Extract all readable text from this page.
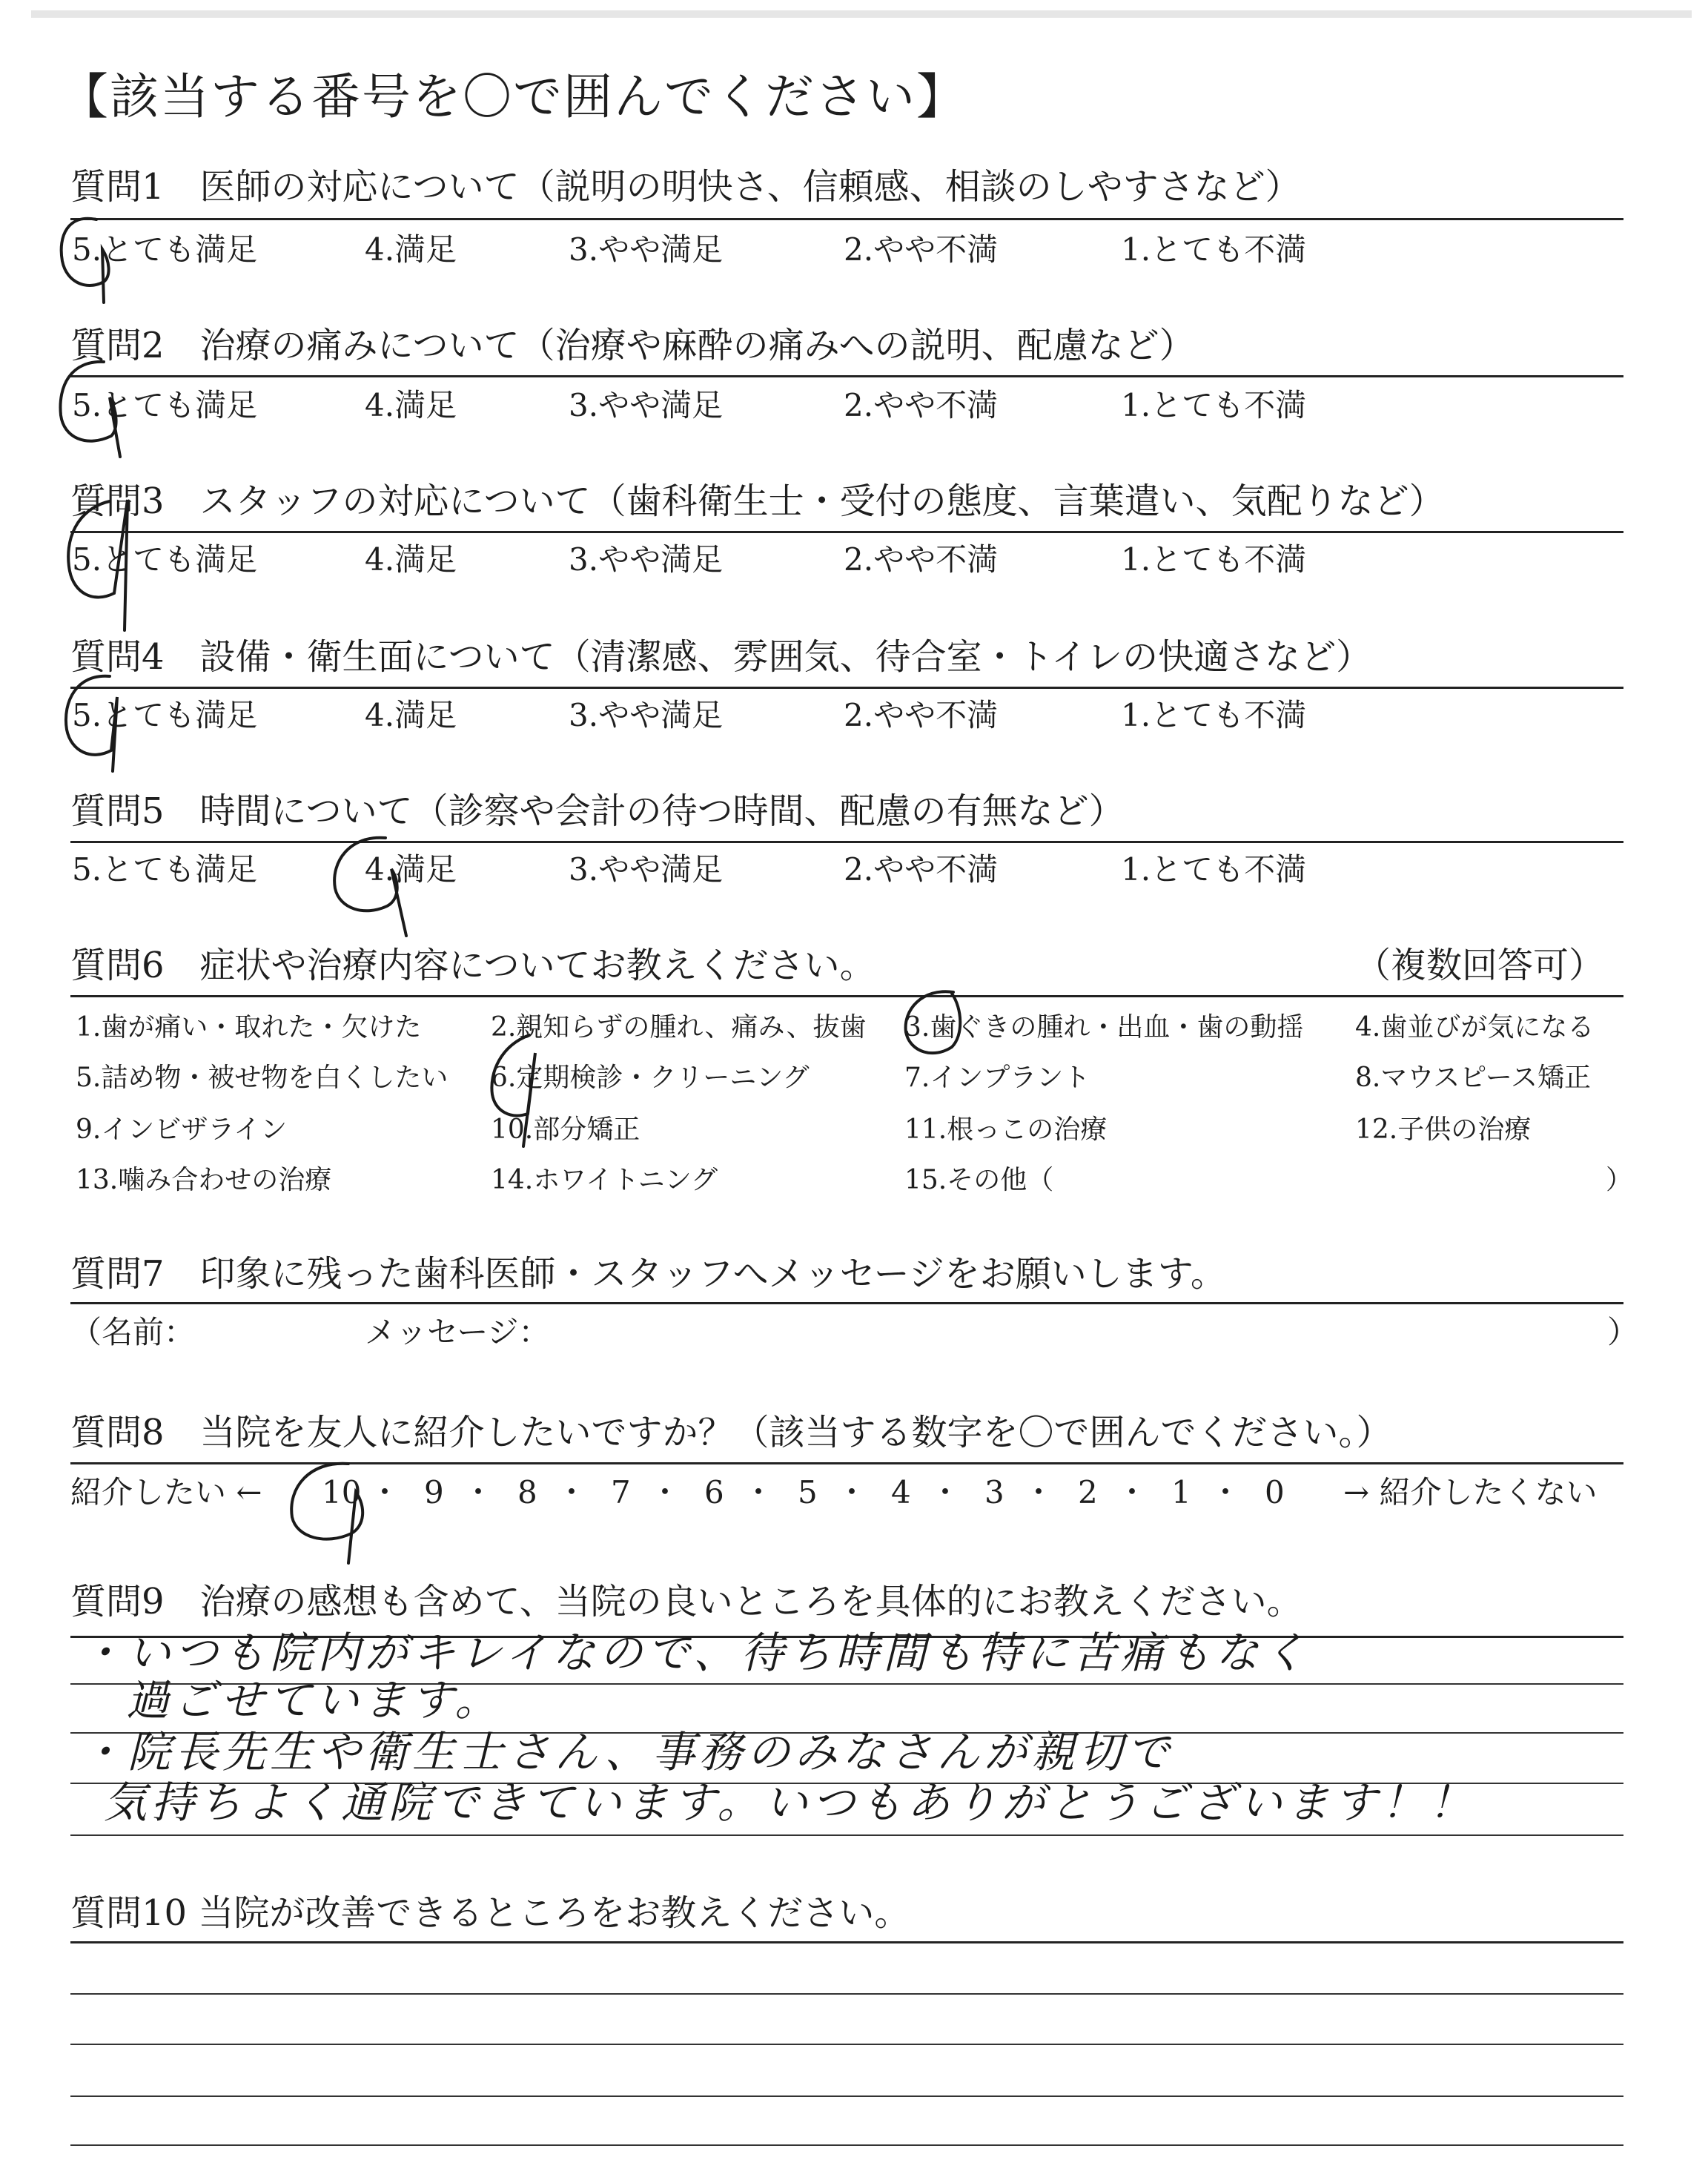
【該当する番号を〇で囲んでください】
質問1　医師の対応について（説明の明快さ、信頼感、相談のしやすさなど）
5.とても満足	4.満足	3.やや満足	2.やや不満	1.とても不満
質問2　治療の痛みについて（治療や麻酔の痛みへの説明、配慮など）
5.とても満足	4.満足	3.やや満足	2.やや不満	1.とても不満
質問3　スタッフの対応について（歯科衛生士・受付の態度、言葉遣い、気配りなど）
5.とても満足	4.満足	3.やや満足	2.やや不満	1.とても不満
質問4　設備・衛生面について（清潔感、雰囲気、待合室・トイレの快適さなど）
5.とても満足	4.満足	3.やや満足	2.やや不満	1.とても不満
質問5　時間について（診察や会計の待つ時間、配慮の有無など）
5.とても満足	4.満足	3.やや満足	2.やや不満	1.とても不満
質問6　症状や治療内容についてお教えください。	（複数回答可）
1.歯が痛い・取れた・欠けた	2.親知らずの腫れ、痛み、抜歯 3.歯ぐきの腫れ・出血・歯の動揺 4.歯並びが気になる
5.詰め物・被せ物を白くしたい 6.定期検診・クリーニング	7.インプラント	8.マウスピース矯正
9.インビザライン	10.部分矯正	11.根っこの治療	12.子供の治療
13.噛み合わせの治療	14.ホワイトニング	15.その他（	）
質問7　印象に残った歯科医師・スタッフへメッセージをお願いします。
（名前：	メッセージ：	）
質問8　当院を友人に紹介したいですか？（該当する数字を〇で囲んでください。）
紹介したい ←	→ 紹介したくない
10 ・ 9 ・ 8 ・ 7 ・ 6 ・ 5 ・ 4 ・ 3 ・ 2 ・ 1 ・ 0
質問9　治療の感想も含めて、当院の良いところを具体的にお教えください。
・いつも院内がキレイなので、待ち時間も特に苦痛もなく
過ごせています。
・院長先生や衛生士さん、事務のみなさんが親切で
気持ちよく通院できています。いつもありがとうございます！！
質問10 当院が改善できるところをお教えください。
